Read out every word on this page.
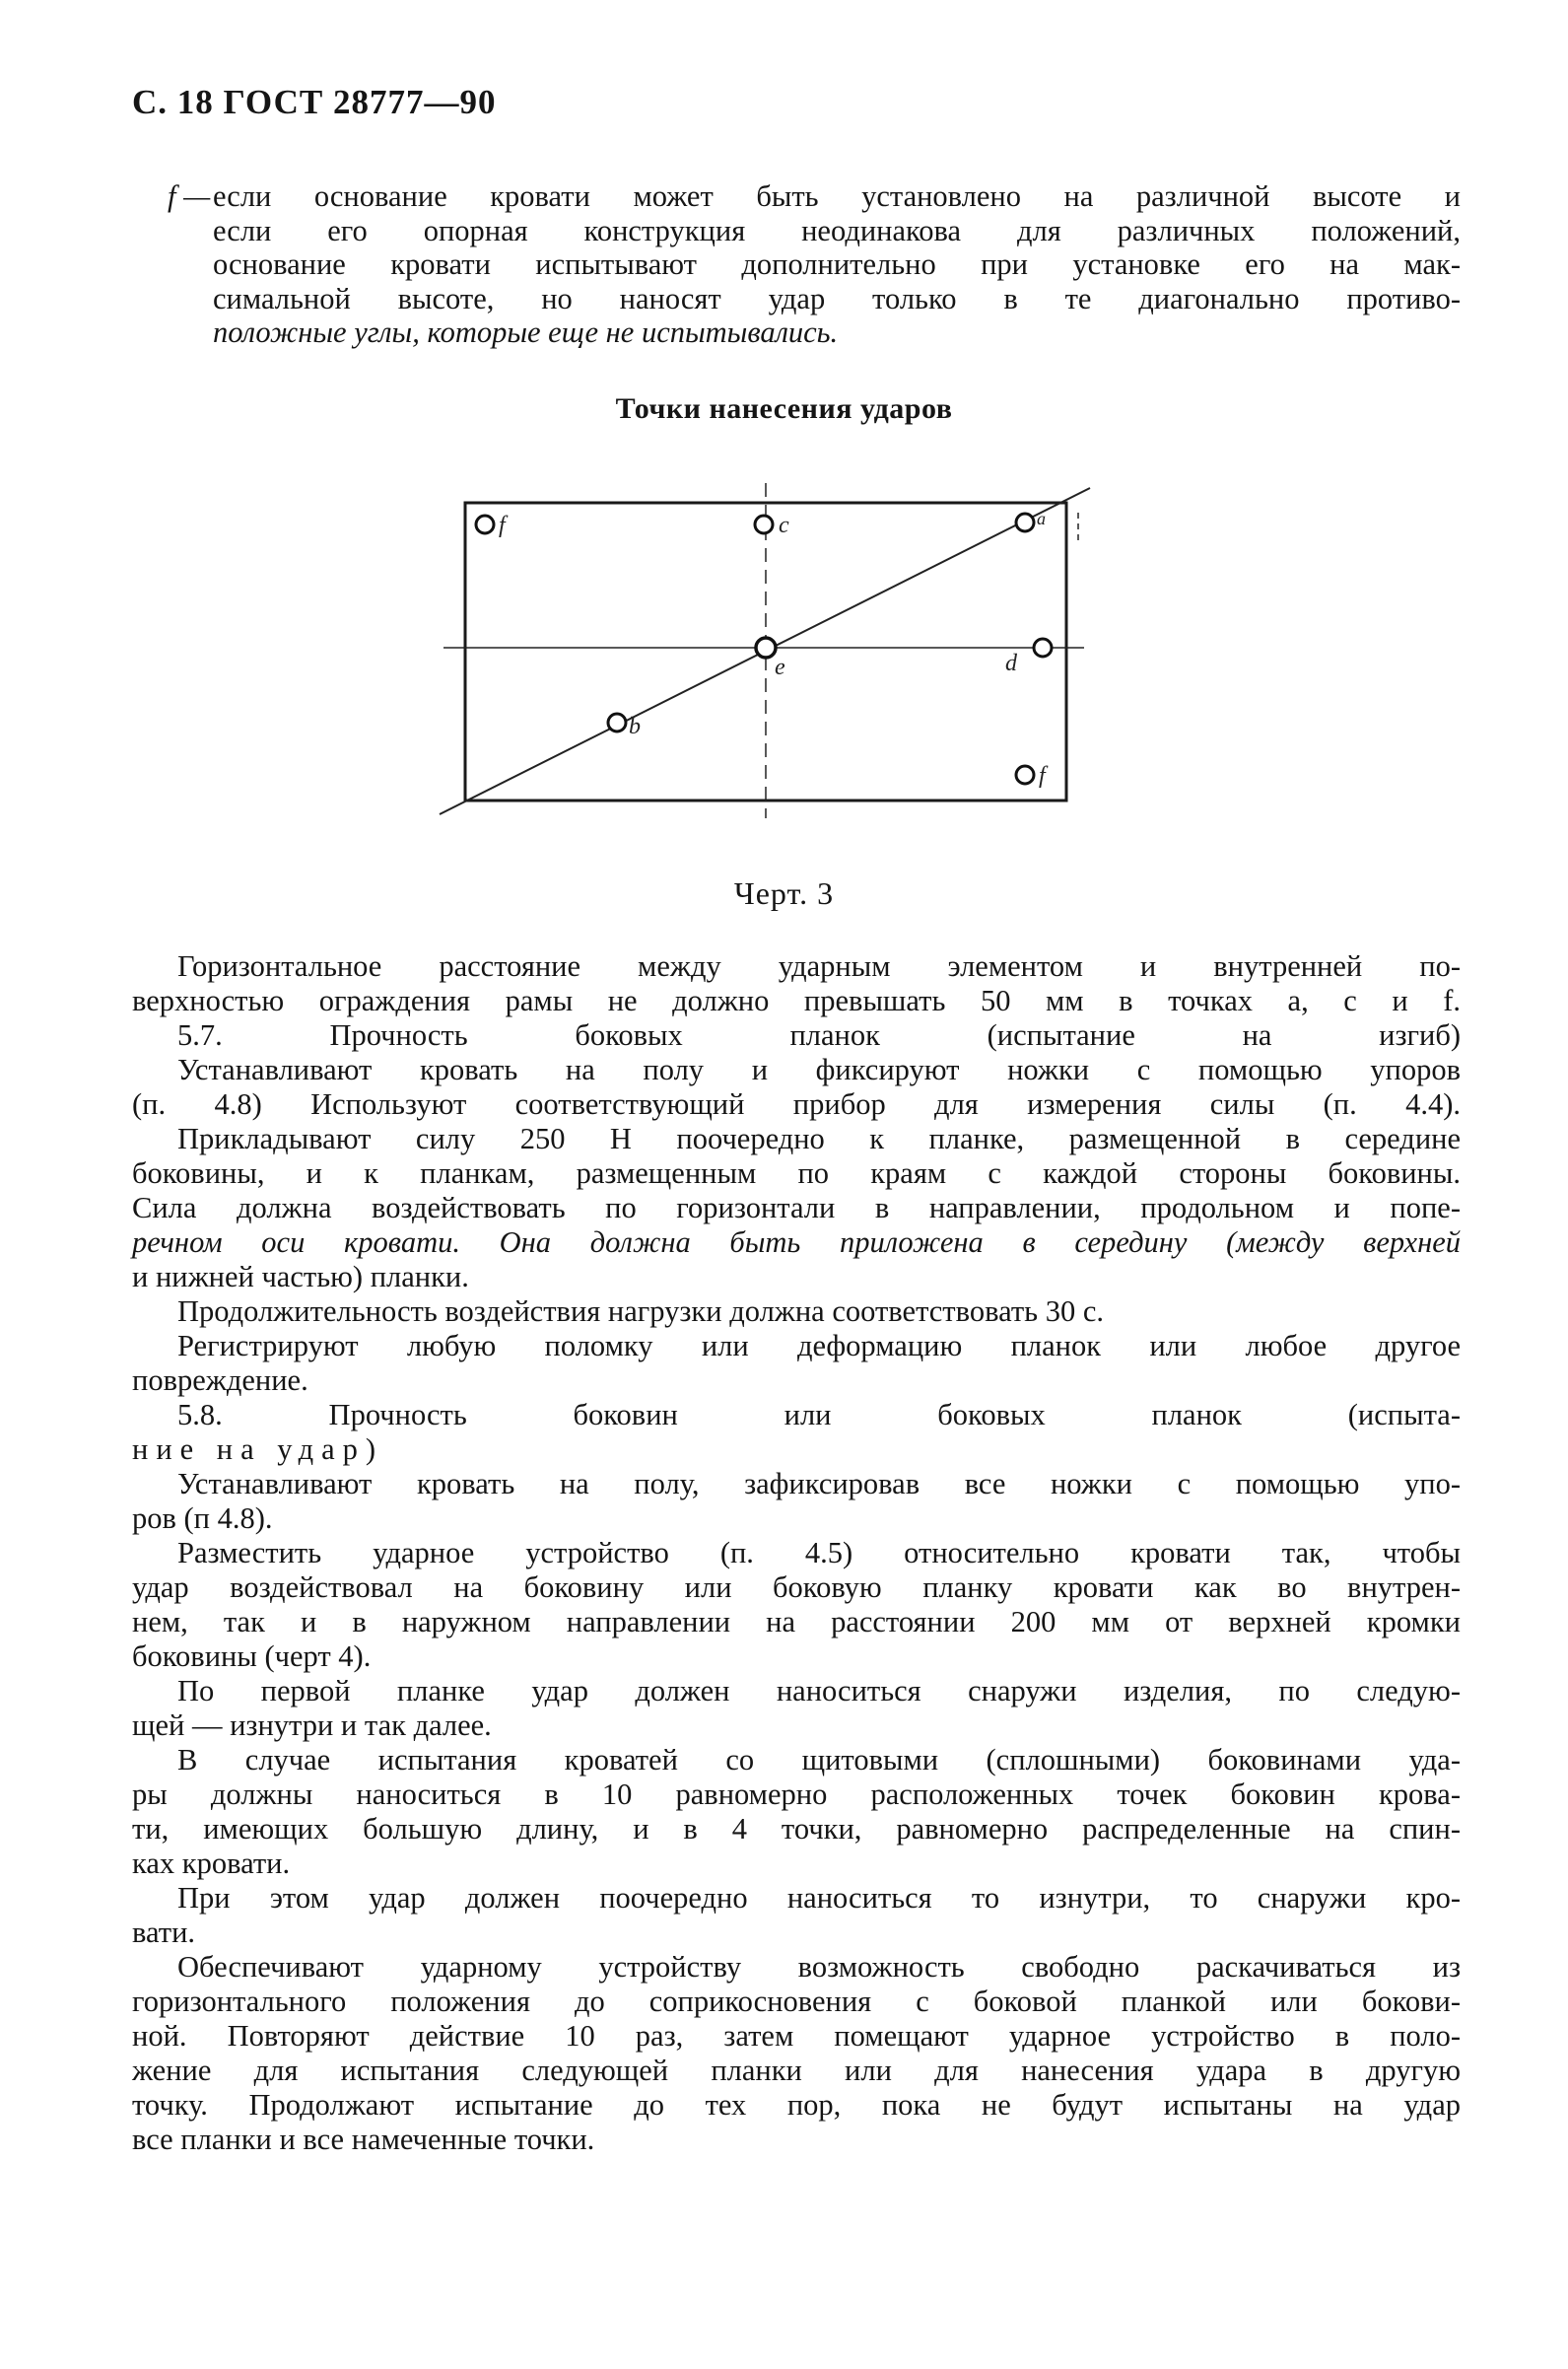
С. 18 ГОСТ 28777—90
f — если основание кровати может быть установлено на различной высоте и
если его опорная конструкция неодинакова для различных положений,
основание кровати испытывают дополнительно при установке его на мак-
симальной высоте, но наносят удар только в те диагонально противо-
положные углы, которые еще не испытывались.
Точки нанесения ударов
f	c	a
e	d
b
f
Черт. 3
Горизонтальное расстояние между ударным элементом и внутренней по-
верхностью ограждения рамы не должно превышать 50 мм в точках a, c и f.
5.7. Прочность боковых планок (испытание на изгиб)
Устанавливают кровать на полу и фиксируют ножки с помощью упоров
(п. 4.8) Используют соответствующий прибор для измерения силы (п. 4.4).
Прикладывают силу 250 Н поочередно к планке, размещенной в середине
боковины, и к планкам, размещенным по краям с каждой стороны боковины.
Сила должна воздействовать по горизонтали в направлении, продольном и попе-
речном оси кровати. Она должна быть приложена в середину (между верхней
и нижней частью) планки.
Продолжительность воздействия нагрузки должна соответствовать 30 с.
Регистрируют любую поломку или деформацию планок или любое другое
повреждение.
5.8. Прочность боковин или боковых планок (испыта-
ние на удар)
Устанавливают кровать на полу, зафиксировав все ножки с помощью упо-
ров (п 4.8).
Разместить ударное устройство (п. 4.5) относительно кровати так, чтобы
удар воздействовал на боковину или боковую планку кровати как во внутрен-
нем, так и в наружном направлении на расстоянии 200 мм от верхней кромки
боковины (черт 4).
По первой планке удар должен наноситься снаружи изделия, по следую-
щей — изнутри и так далее.
В случае испытания кроватей со щитовыми (сплошными) боковинами уда-
ры должны наноситься в 10 равномерно расположенных точек боковин крова-
ти, имеющих большую длину, и в 4 точки, равномерно распределенные на спин-
ках кровати.
При этом удар должен поочередно наноситься то изнутри, то снаружи кро-
вати.
Обеспечивают ударному устройству возможность свободно раскачиваться из
горизонтального положения до соприкосновения с боковой планкой или бокови-
ной. Повторяют действие 10 раз, затем помещают ударное устройство в поло-
жение для испытания следующей планки или для нанесения удара в другую
точку. Продолжают испытание до тех пор, пока не будут испытаны на удар
все планки и все намеченные точки.
